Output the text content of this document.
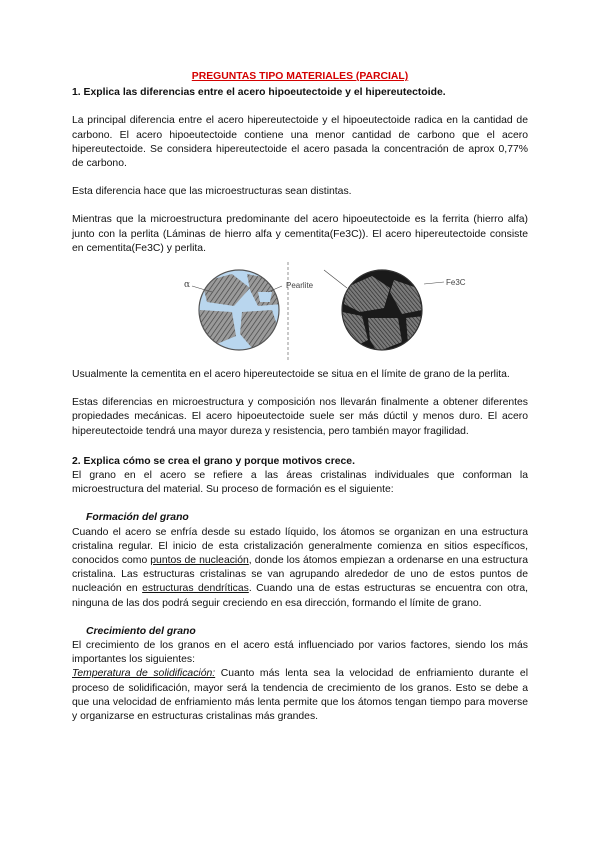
PREGUNTAS TIPO MATERIALES (PARCIAL)
1. Explica las diferencias entre el acero hipoeutectoide y el hipereutectoide.

La principal diferencia entre el acero hipereutectoide y el hipoeutectoide radica en la cantidad de carbono. El acero hipoeutectoide contiene una menor cantidad de carbono que el acero hipereutectoide. Se considera hipereutectoide el acero pasada la concentración de aprox 0,77% de carbono.

Esta diferencia hace que las microestructuras sean distintas.

Mientras que la microestructura predominante del acero hipoeutectoide es la ferrita (hierro alfa) junto con la perlita (Láminas de hierro alfa y cementita(Fe3C)). El acero hipereutectoide consiste en cementita(Fe3C) y perlita.

α	Pearlite	Fe3C

Usualmente la cementita en el acero hipereutectoide se situa en el límite de grano de la perlita.

Estas diferencias en microestructura y composición nos llevarán finalmente a obtener diferentes propiedades mecánicas. El acero hipoeutectoide suele ser más dúctil y menos duro. El acero hipereutectoide tendrá una mayor dureza y resistencia, pero también mayor fragilidad.

2. Explica cómo se crea el grano y porque motivos crece.

El grano en el acero se refiere a las áreas cristalinas individuales que conforman la microestructura del material. Su proceso de formación es el siguiente:

Formación del grano

Cuando el acero se enfría desde su estado líquido, los átomos se organizan en una estructura cristalina regular. El inicio de esta cristalización generalmente comienza en sitios específicos, conocidos como puntos de nucleación, donde los átomos empiezan a ordenarse en una estructura cristalina. Las estructuras cristalinas se van agrupando alrededor de uno de estos puntos de nucleación en estructuras dendríticas. Cuando una de estas estructuras se encuentra con otra, ninguna de las dos podrá seguir creciendo en esa dirección, formando el límite de grano.

Crecimiento del grano

El crecimiento de los granos en el acero está influenciado por varios factores, siendo los más importantes los siguientes:

Temperatura de solidificación: Cuanto más lenta sea la velocidad de enfriamiento durante el proceso de solidificación, mayor será la tendencia de crecimiento de los granos. Esto se debe a que una velocidad de enfriamiento más lenta permite que los átomos tengan tiempo para moverse y organizarse en estructuras cristalinas más grandes.
